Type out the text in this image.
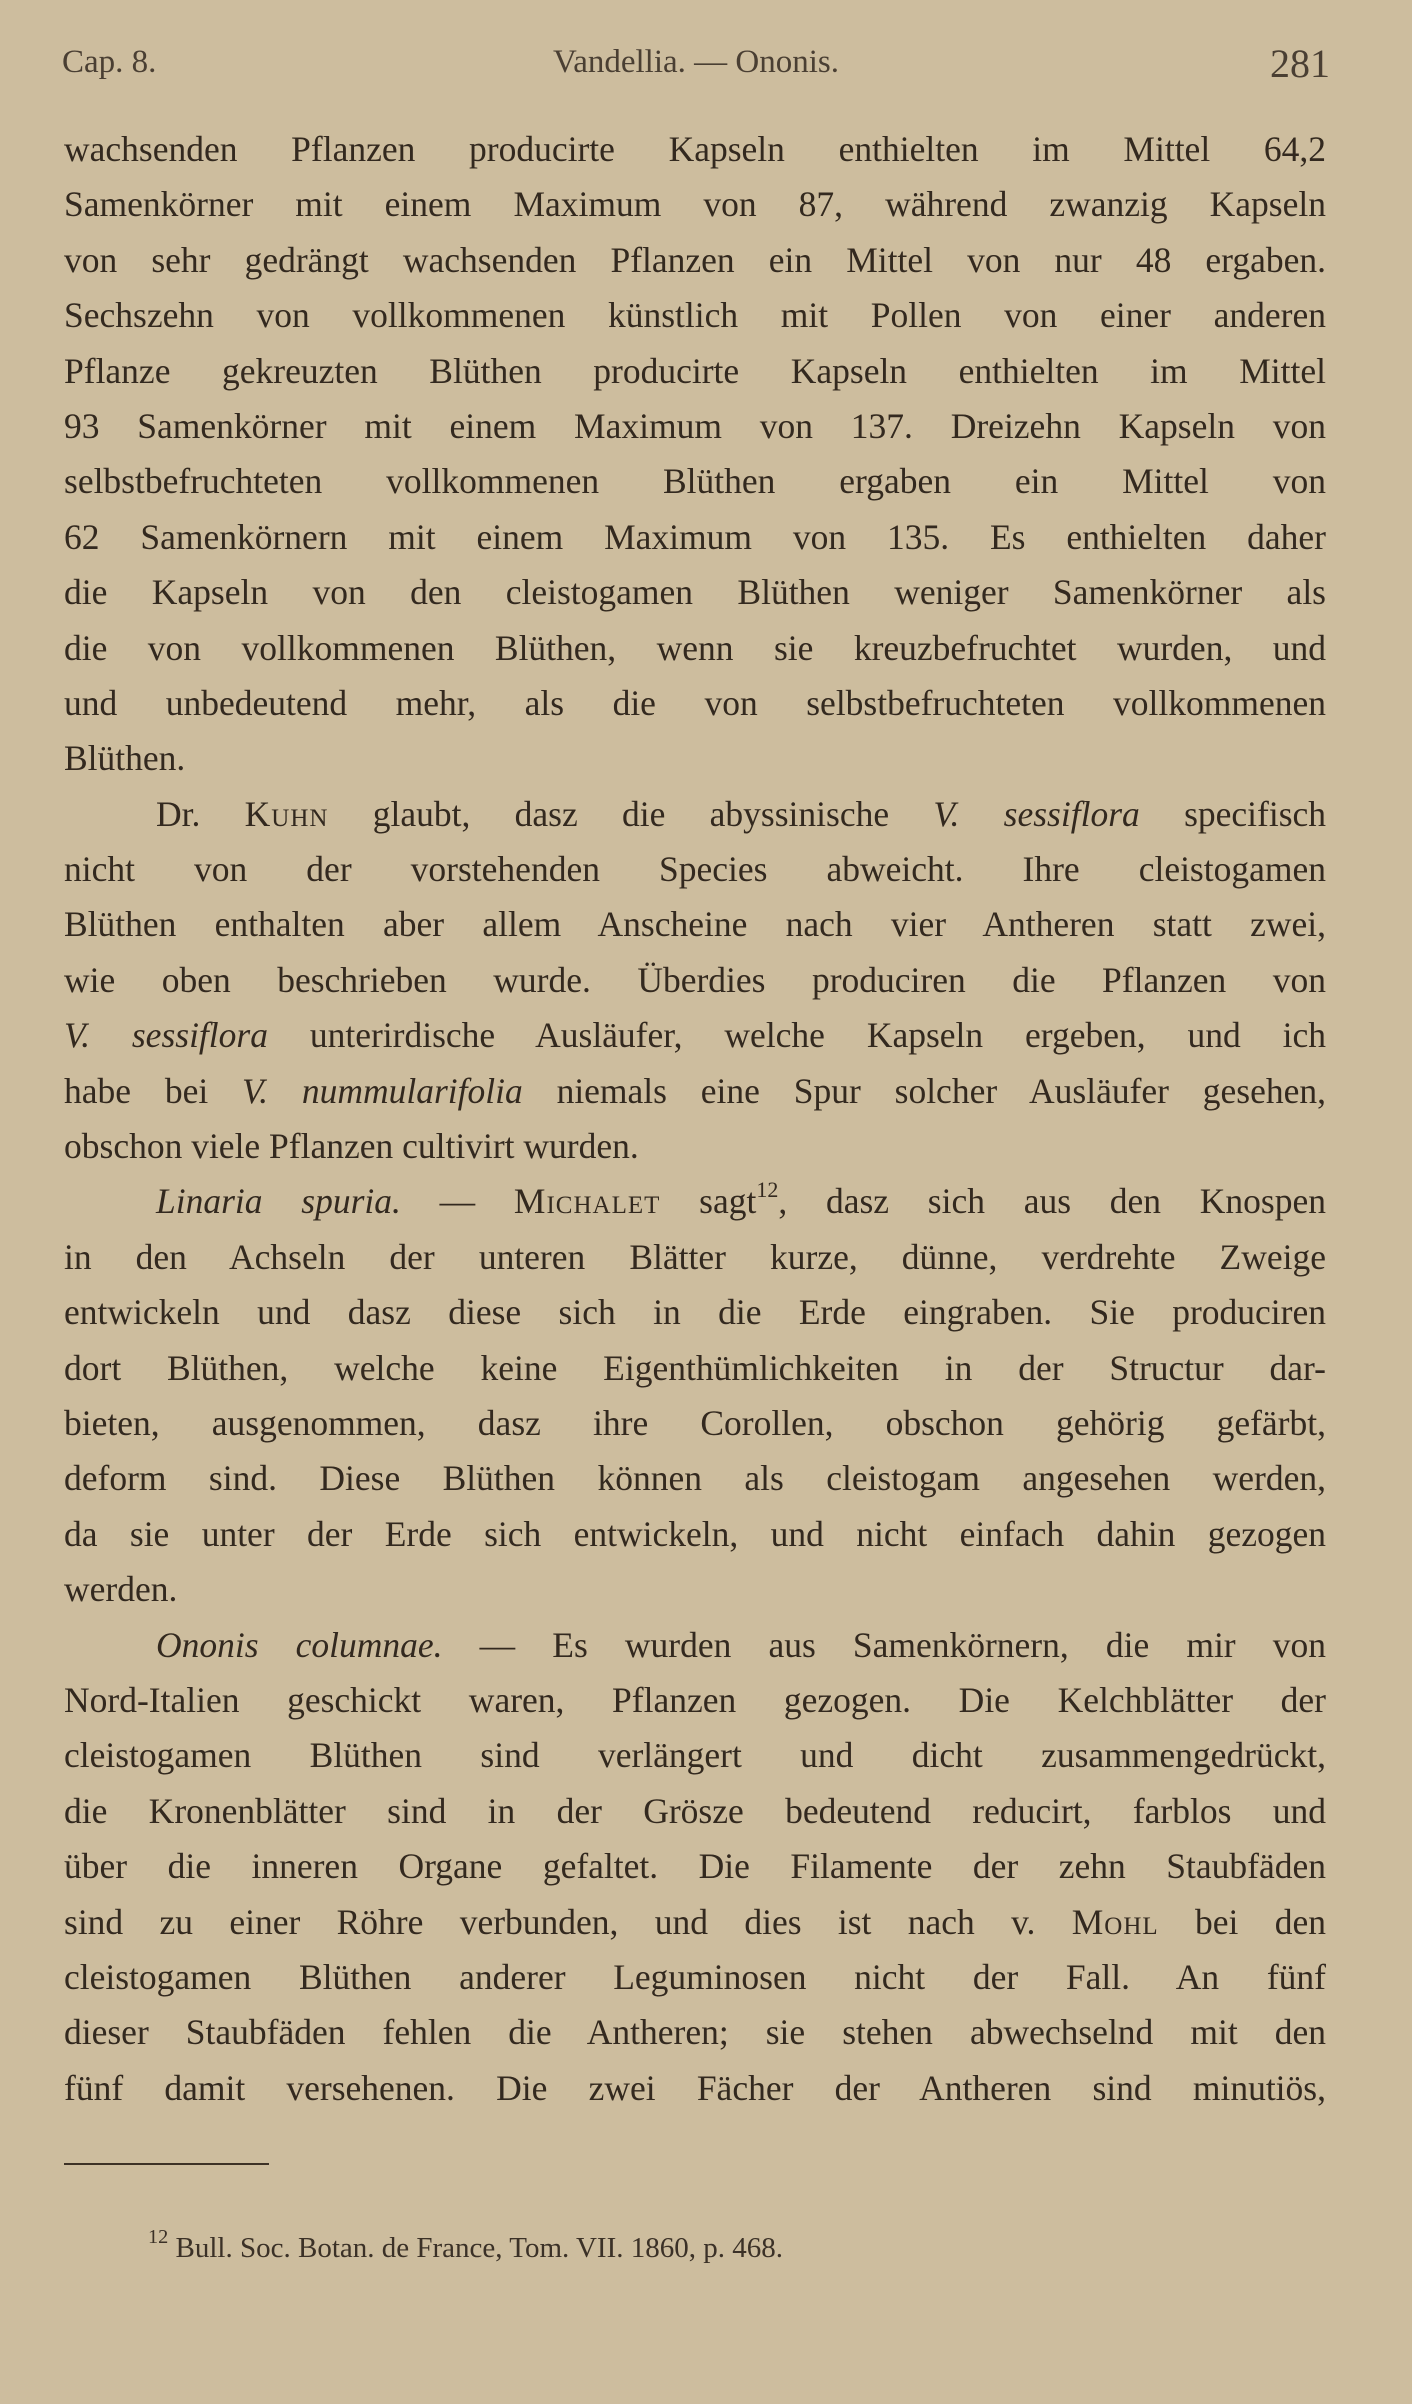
Cap. 8.	Vandellia. — Ononis.	281
wachsenden Pflanzen producirte Kapseln enthielten im Mittel 64,2
Samenkörner mit einem Maximum von 87, während zwanzig Kapseln
von sehr gedrängt wachsenden Pflanzen ein Mittel von nur 48 ergaben.
Sechszehn von vollkommenen künstlich mit Pollen von einer anderen
Pflanze gekreuzten Blüthen producirte Kapseln enthielten im Mittel
93 Samenkörner mit einem Maximum von 137. Dreizehn Kapseln von
selbstbefruchteten vollkommenen Blüthen ergaben ein Mittel von
62 Samenkörnern mit einem Maximum von 135. Es enthielten daher
die Kapseln von den cleistogamen Blüthen weniger Samenkörner als
die von vollkommenen Blüthen, wenn sie kreuzbefruchtet wurden, und
und unbedeutend mehr, als die von selbstbefruchteten vollkommenen
Blüthen.
Dr. Kuhn glaubt, dasz die abyssinische V. sessiflora specifisch
nicht von der vorstehenden Species abweicht. Ihre cleistogamen
Blüthen enthalten aber allem Anscheine nach vier Antheren statt zwei,
wie oben beschrieben wurde. Überdies produciren die Pflanzen von
V. sessiflora unterirdische Ausläufer, welche Kapseln ergeben, und ich
habe bei V. nummularifolia niemals eine Spur solcher Ausläufer gesehen,
obschon viele Pflanzen cultivirt wurden.
Linaria spuria. — Michalet sagt$^{12}$, dasz sich aus den Knospen
in den Achseln der unteren Blätter kurze, dünne, verdrehte Zweige
entwickeln und dasz diese sich in die Erde eingraben. Sie produciren
dort Blüthen, welche keine Eigenthümlichkeiten in der Structur dar-
bieten, ausgenommen, dasz ihre Corollen, obschon gehörig gefärbt,
deform sind. Diese Blüthen können als cleistogam angesehen werden,
da sie unter der Erde sich entwickeln, und nicht einfach dahin gezogen
werden.
Ononis columnae. — Es wurden aus Samenkörnern, die mir von
Nord-Italien geschickt waren, Pflanzen gezogen. Die Kelchblätter der
cleistogamen Blüthen sind verlängert und dicht zusammengedrückt,
die Kronenblätter sind in der Grösze bedeutend reducirt, farblos und
über die inneren Organe gefaltet. Die Filamente der zehn Staubfäden
sind zu einer Röhre verbunden, und dies ist nach v. Mohl bei den
cleistogamen Blüthen anderer Leguminosen nicht der Fall. An fünf
dieser Staubfäden fehlen die Antheren; sie stehen abwechselnd mit den
fünf damit versehenen. Die zwei Fächer der Antheren sind minutiös,
$^{12}$ Bull. Soc. Botan. de France, Tom. VII. 1860, p. 468.
